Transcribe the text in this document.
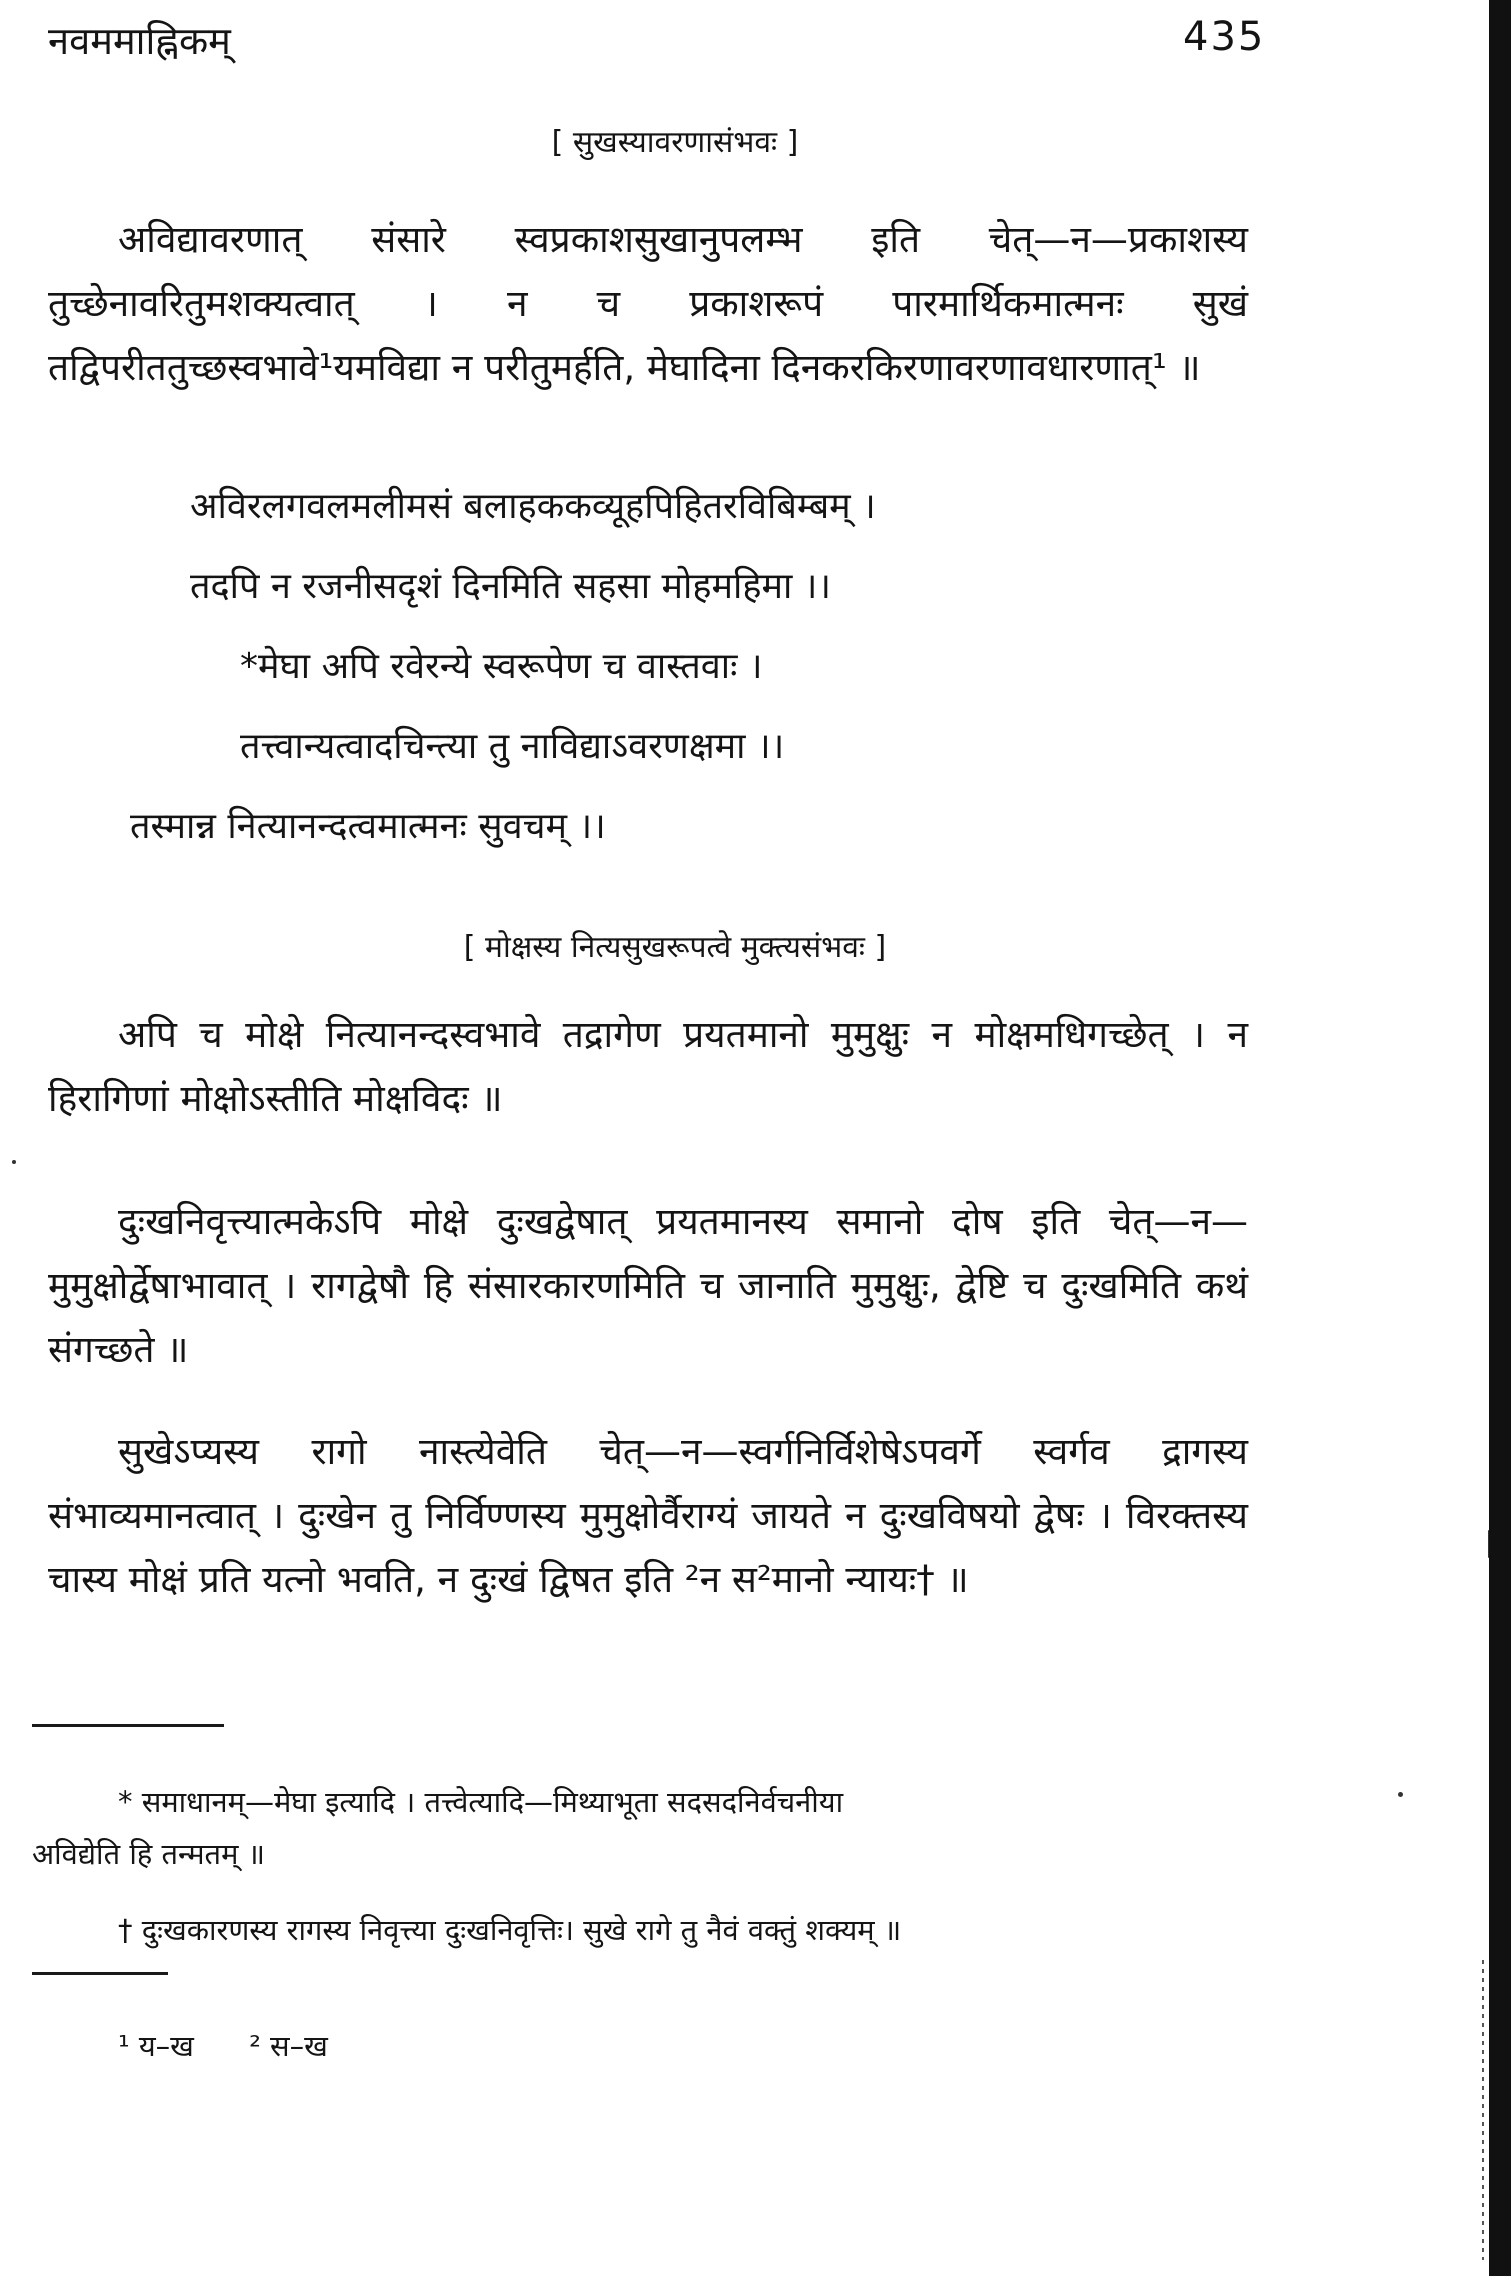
नवममाह्निकम्	435
[ सुखस्यावरणासंभवः ]
अविद्यावरणात् संसारे स्वप्रकाशसुखानुपलम्भ इति चेत्—न—प्रकाशस्य तुच्छेनावरितुमशक्यत्वात् । न च प्रकाशरूपं पारमार्थिकमात्मनः सुखं तद्विपरीततुच्छस्वभावे¹यमविद्या न परीतुमर्हति, मेघादिना दिनकरकिरणावरणावधारणात्¹ ॥
अविरलगवलमलीमसं बलाहककव्यूहपिहितरविबिम्बम् ।
तदपि न रजनीसदृशं दिनमिति सहसा मोहमहिमा ।।
*मेघा अपि रवेरन्ये स्वरूपेण च वास्तवाः ।
तत्त्वान्यत्वादचिन्त्या तु नाविद्याऽवरणक्षमा ।।
तस्मान्न नित्यानन्दत्वमात्मनः सुवचम् ।।
[ मोक्षस्य नित्यसुखरूपत्वे मुक्त्यसंभवः ]
अपि च मोक्षे नित्यानन्दस्वभावे तद्रागेण प्रयतमानो मुमुक्षुः न मोक्षमधिगच्छेत् । न हिरागिणां मोक्षोऽस्तीति मोक्षविदः ॥
दुःखनिवृत्त्यात्मकेऽपि मोक्षे दुःखद्वेषात् प्रयतमानस्य समानो दोष इति चेत्—न—मुमुक्षोर्द्वेषाभावात् । रागद्वेषौ हि संसारकारणमिति च जानाति मुमुक्षुः, द्वेष्टि च दुःखमिति कथं संगच्छते ॥
सुखेऽप्यस्य रागो नास्त्येवेति चेत्—न—स्वर्गनिर्विशेषेऽपवर्गे स्वर्गव द्रागस्य संभाव्यमानत्वात् । दुःखेन तु निर्विण्णस्य मुमुक्षोर्वैराग्यं जायते न दुःखविषयो द्वेषः । विरक्तस्य चास्य मोक्षं प्रति यत्नो भवति, न दुःखं द्विषत इति ²न स²मानो न्यायः† ॥
* समाधानम्—मेघा इत्यादि । तत्त्वेत्यादि—मिथ्याभूता सदसदनिर्वचनीया
अविद्येति हि तन्मतम् ॥
† दुःखकारणस्य रागस्य निवृत्त्या दुःखनिवृत्तिः। सुखे रागे तु नैवं वक्तुं शक्यम् ॥
¹ य–ख      ² स–ख
